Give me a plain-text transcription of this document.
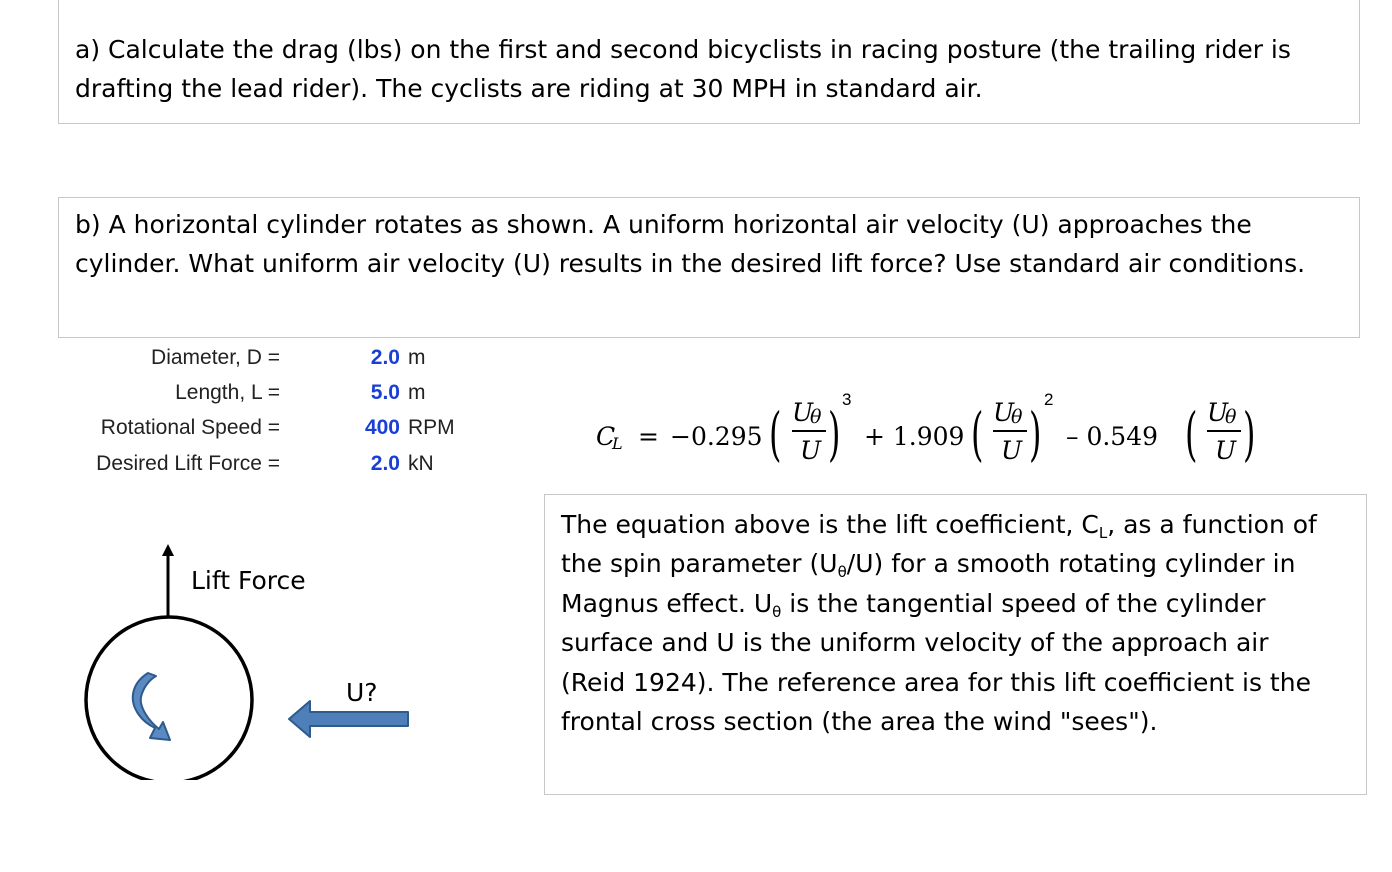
a) Calculate the drag (lbs) on the first and second bicyclists in racing posture (the trailing rider is drafting the lead rider). The cyclists are riding at 30 MPH in standard air.
b) A horizontal cylinder rotates as shown. A uniform horizontal air velocity (U) approaches the cylinder. What uniform air velocity (U) results in the desired lift force? Use standard air conditions.
Diameter, D =	2.0 m
Length, L =	5.0 m
Rotational Speed =	400 RPM
Desired Lift Force =	2.0 kN
C
L = −0.295 ( U
θ
U )
3
+ 1.909 ( U
θ
U )
2
– 0.549 ( U
θ
U )
The equation above is the lift coefficient, $C_L$, as a function of
the spin parameter $(U_\theta/U)$ for a smooth rotating cylinder in
Magnus effect. $U_\theta$ is the tangential speed of the cylinder
surface and U is the uniform velocity of the approach air
(Reid 1924). The reference area for this lift coefficient is the
frontal cross section (the area the wind "sees").
Lift Force
U?
